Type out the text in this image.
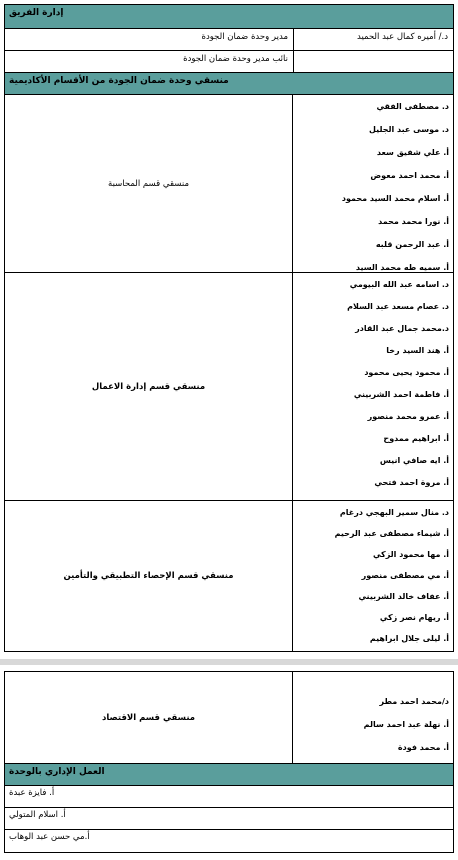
إدارة الفريق
د./ أميره كمال عبد الحميد
مدير وحدة ضمان الجودة
نائب مدير وحدة ضمان الجودة
منسقي وحدة ضمان الجودة من الأقسام الأكاديمية
د. مصطفى الفقي
د. موسى عبد الجليل
أ. علي شفيق سعد
أ. محمد احمد معوض
أ. اسلام محمد السيد محمود
أ. نورا محمد محمد
أ. عبد الرحمن قلبه
أ. سميه طه محمد السيد
منسقي قسم المحاسبة
د. اسامه عبد الله البيومي
د. عصام مسعد عبد السلام
د.محمد جمال عبد القادر
أ. هند السيد رخا
أ. محمود يحيى محمود
أ. فاطمة احمد الشربيني
أ. عمرو محمد منصور
أ. ابراهيم ممدوح
أ. ايه صافي انيس
أ. مروة احمد فتحي
منسقي قسم إدارة الاعمال
د. منال سمير البهجي درغام
أ. شيماء مصطفى عبد الرحيم
أ. مها محمود الزكي
أ. مي مصطفى منصور
أ. عفاف خالد الشربيني
أ. ريهام نصر زكي
أ. ليلى جلال ابراهيم
منسقي قسم الإحصاء التطبيقي والتأمين
د/محمد احمد مطر
أ. نهلة عبد احمد سالم
أ. محمد فودة
منسقي قسم الاقتصاد
العمل الإداري بالوحدة
أ. فايزة عبدة
أ. اسلام المتولي
أ.مي حسن عبد الوهاب
